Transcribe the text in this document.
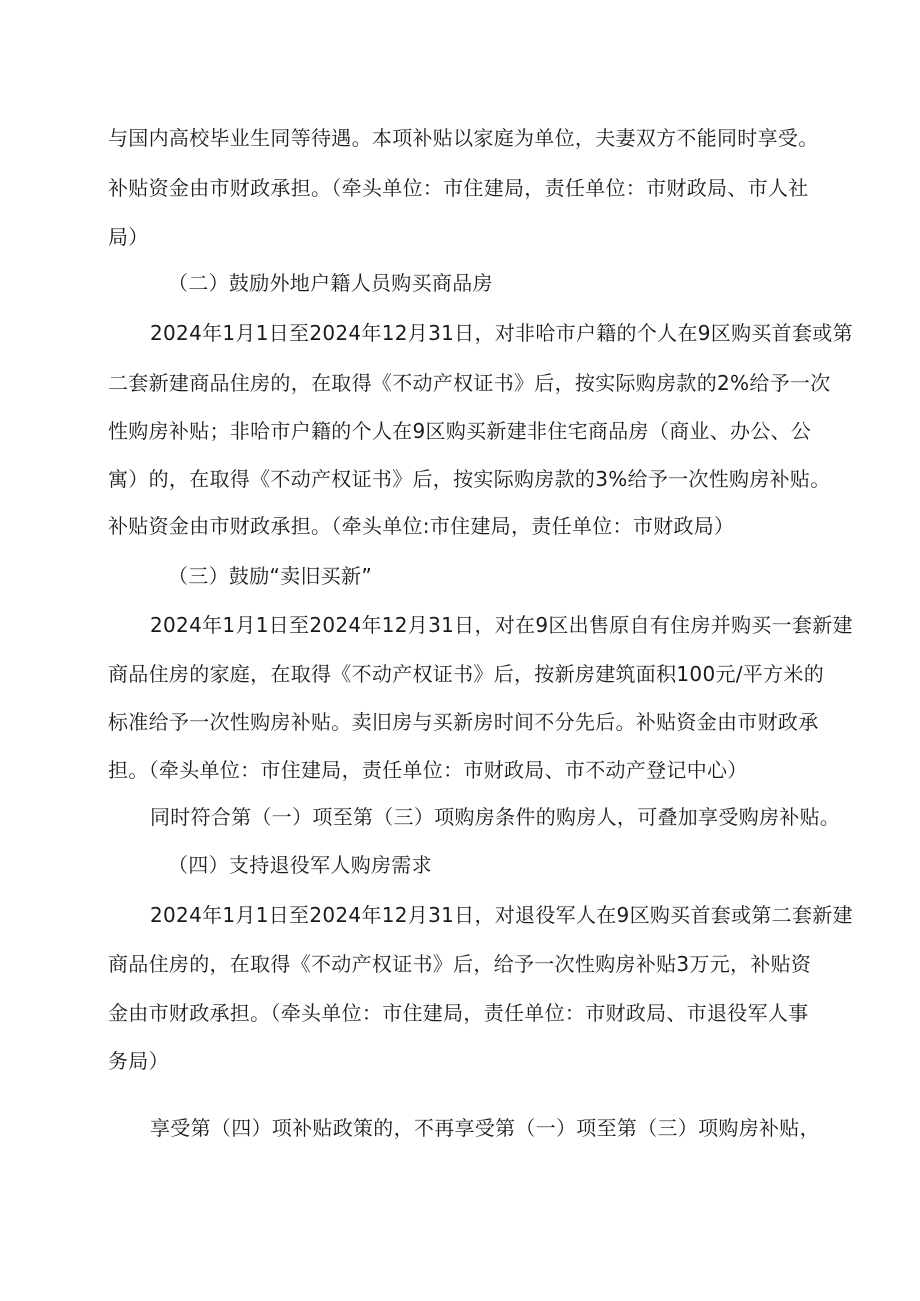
与国内高校毕业生同等待遇。本项补贴以家庭为单位，夫妻双方不能同时享受。
补贴资金由市财政承担。（牵头单位：市住建局，责任单位：市财政局、市人社
局）
（二）鼓励外地户籍人员购买商品房
2024年1月1日至2024年12月31日，对非哈市户籍的个人在9区购买首套或第
二套新建商品住房的，在取得《不动产权证书》后，按实际购房款的2%给予一次
性购房补贴；非哈市户籍的个人在9区购买新建非住宅商品房（商业、办公、公
寓）的，在取得《不动产权证书》后，按实际购房款的3%给予一次性购房补贴。
补贴资金由市财政承担。（牵头单位:市住建局，责任单位：市财政局）
（三）鼓励“卖旧买新”
2024年1月1日至2024年12月31日，对在9区出售原自有住房并购买一套新建
商品住房的家庭，在取得《不动产权证书》后，按新房建筑面积100元/平方米的
标准给予一次性购房补贴。卖旧房与买新房时间不分先后。补贴资金由市财政承
担。（牵头单位：市住建局，责任单位：市财政局、市不动产登记中心）
同时符合第（一）项至第（三）项购房条件的购房人，可叠加享受购房补贴。
（四）支持退役军人购房需求
2024年1月1日至2024年12月31日，对退役军人在9区购买首套或第二套新建
商品住房的，在取得《不动产权证书》后，给予一次性购房补贴3万元，补贴资
金由市财政承担。（牵头单位：市住建局，责任单位：市财政局、市退役军人事
务局）
享受第（四）项补贴政策的，不再享受第（一）项至第（三）项购房补贴，
